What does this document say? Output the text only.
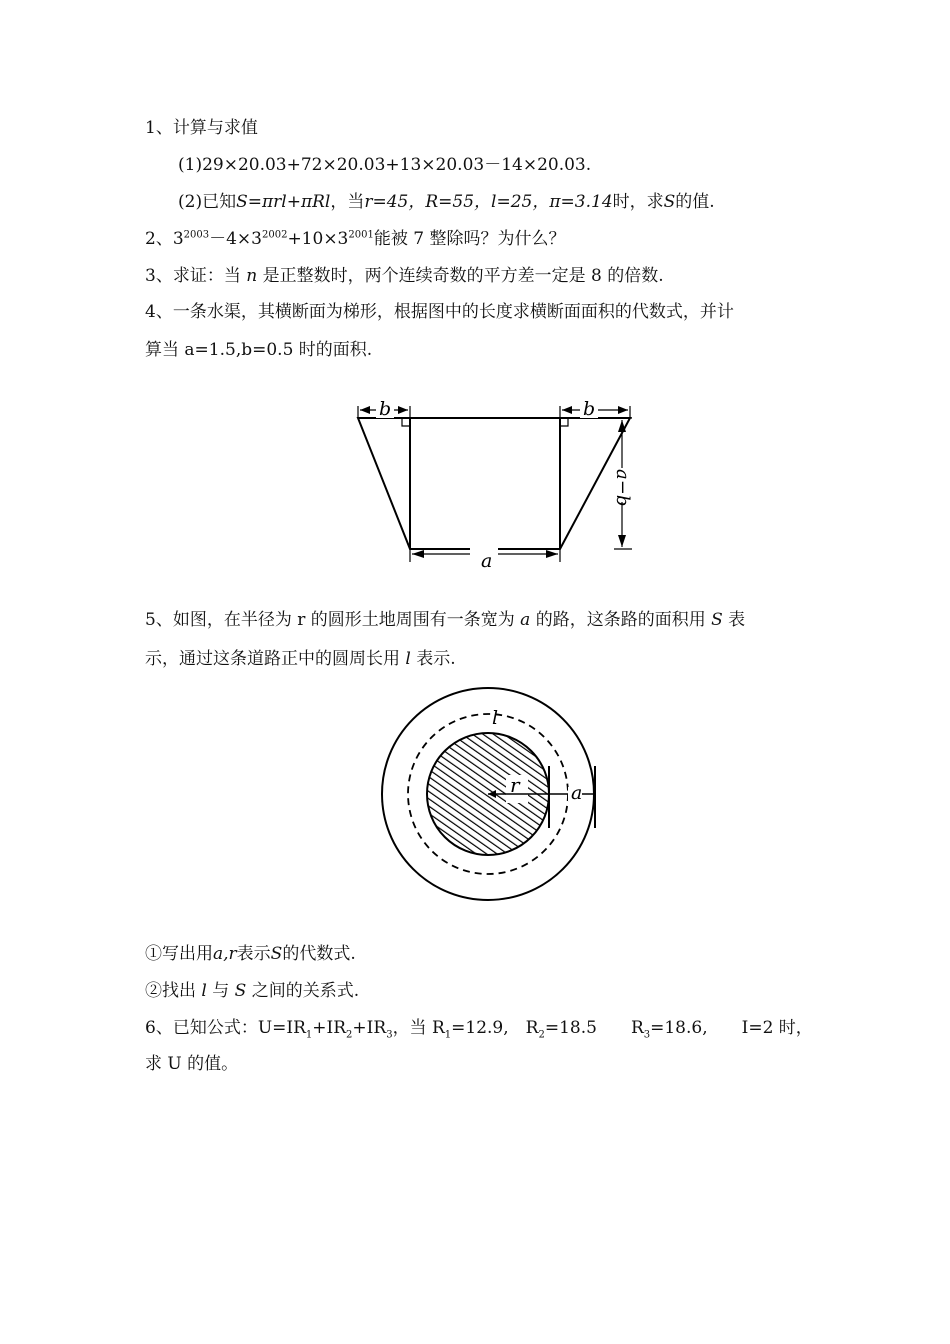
1、计算与求值
(1)29×20.03+72×20.03+13×20.03－14×20.03.
(2)已知S=πrl+πRl，当r=45，R=55，l=25，π=3.14时，求S的值.
2、$3^{2003}-4\times 3^{2002}+10\times 3^{2001}$能被 7 整除吗？为什么？
3、求证：当 n 是正整数时，两个连续奇数的平方差一定是 8 的倍数.
4、一条水渠，其横断面为梯形，根据图中的长度求横断面面积的代数式，并计
算当 a=1.5,b=0.5 时的面积.
b	b
a
a−b
5、如图，在半径为 r 的圆形土地周围有一条宽为 a 的路，这条路的面积用 S 表
示，通过这条道路正中的圆周长用 l 表示.
l
r	a
①写出用a,r表示S的代数式.
②找出 l 与 S 之间的关系式.
6、已知公式：$U=IR_1+IR_2+IR_3$，当 $R_1=12.9$,　$R_2=18.5$　　$R_3=18.6$,　　I=2 时，
求 U 的值。
